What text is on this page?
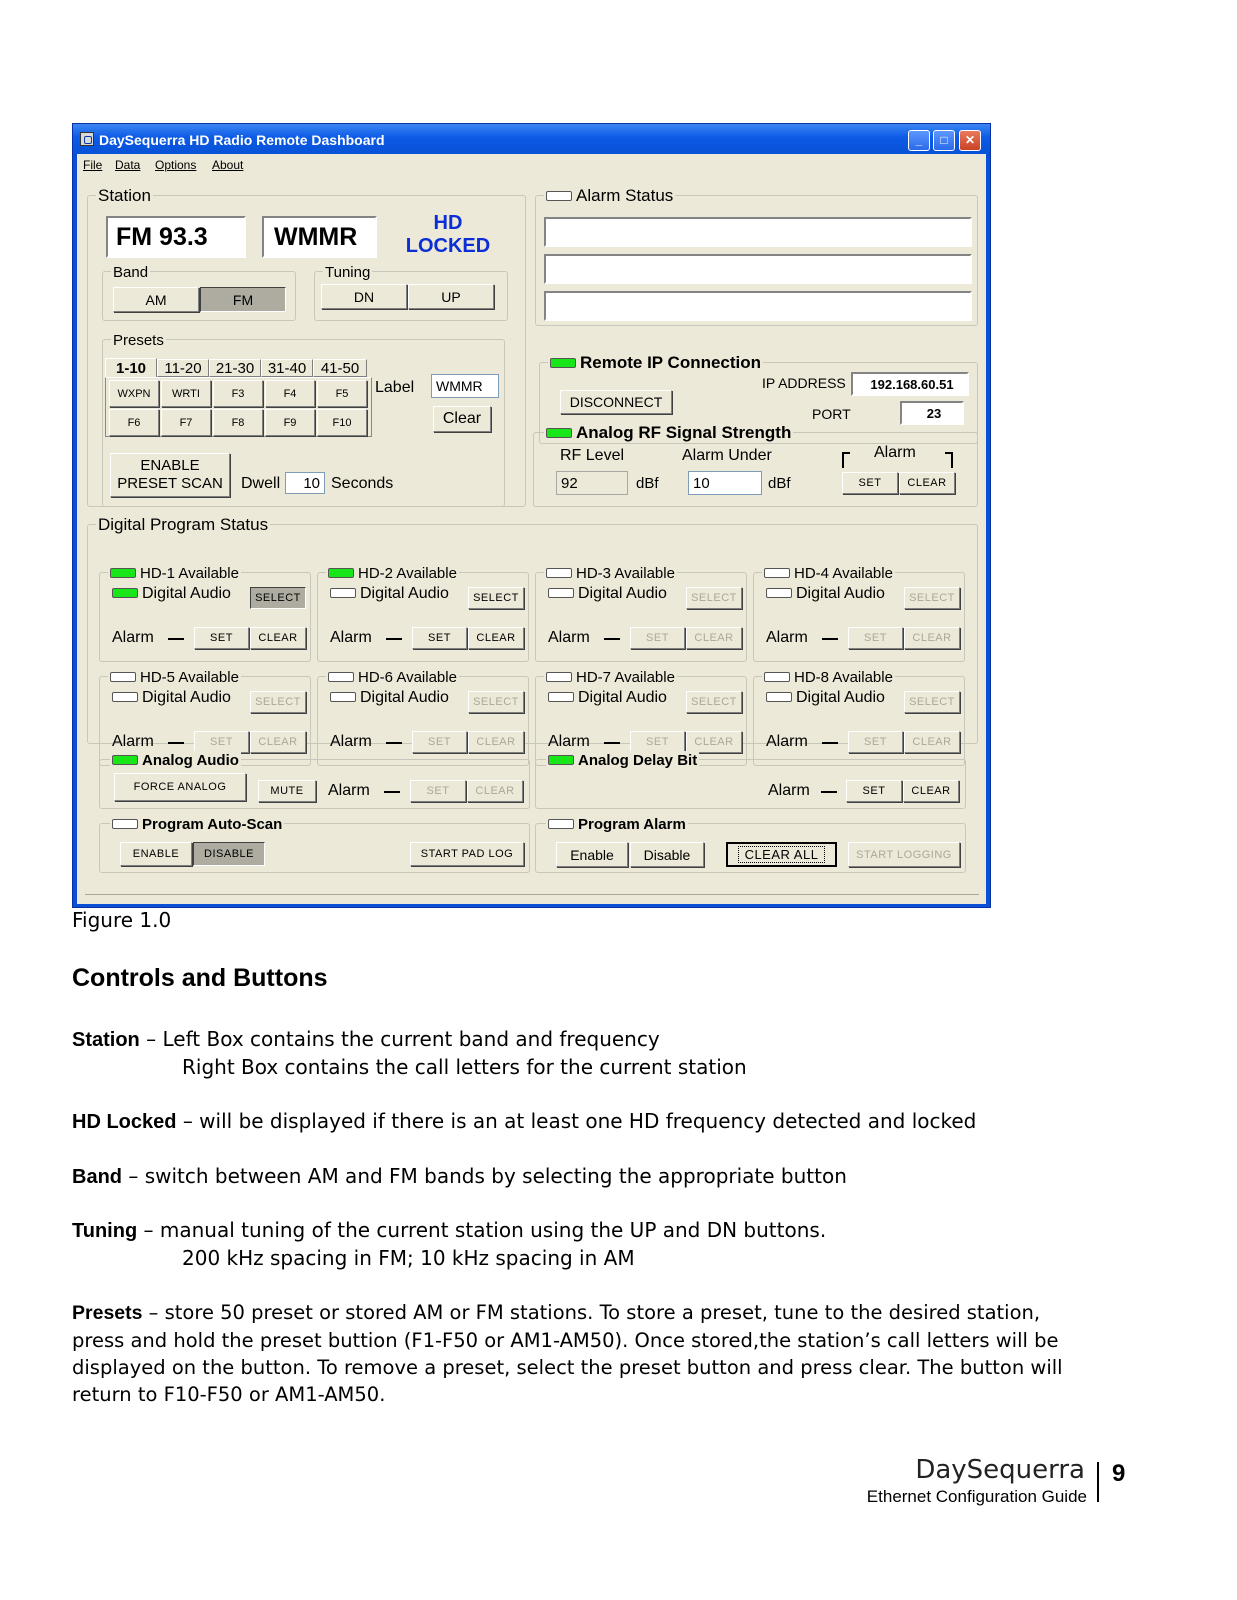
DaySequerra HD Radio Remote Dashboard	_	□	✕
File Data Options About
Station
FM 93.3	WMMR	HD
LOCKED
Band
AM	FM
Tuning
DN	UP
Presets
1-10	11-20 21-30 31-40 41-50
WXPN	WRTI	F3	F4	F5
F6	F7	F8	F9	F10
Label	WMMR
Clear
ENABLE
PRESET SCAN Dwell	10 Seconds
Alarm Status
Remote IP Connection
DISCONNECT
IP ADDRESS	192.168.60.51
PORT	23
Analog RF Signal Strength
RF Level	Alarm Under	Alarm
92	dBf	10	dBf	SET	CLEAR
Digital Program Status
HD-1 Available
Digital Audio	SELECT
Alarm	SET	CLEAR
HD-2 Available
Digital Audio	SELECT
Alarm	SET	CLEAR
HD-3 Available
Digital Audio	SELECT
Alarm	SET	CLEAR
HD-4 Available
Digital Audio	SELECT
Alarm	SET	CLEAR
HD-5 Available
Digital Audio	SELECT
Alarm	SET	CLEAR
HD-6 Available
Digital Audio	SELECT
Alarm	SET	CLEAR
HD-7 Available
Digital Audio	SELECT
Alarm	SET	CLEAR
HD-8 Available
Digital Audio	SELECT
Alarm	SET	CLEAR
Analog Audio
FORCE ANALOG	MUTE	Alarm	SET	CLEAR
Analog Delay Bit
Alarm	SET	CLEAR
Program Auto-Scan
ENABLE	DISABLE	START PAD LOG
Program Alarm
Enable	Disable	CLEAR ALL	START LOGGING
Figure 1.0
Controls and Buttons
Station – Left Box contains the current band and frequency
Right Box contains the call letters for the current station
HD Locked – will be displayed if there is an at least one HD frequency detected and locked
Band – switch between AM and FM bands by selecting the appropriate button
Tuning – manual tuning of the current station using the UP and DN buttons.
200 kHz spacing in FM; 10 kHz spacing in AM
Presets – store 50 preset or stored AM or FM stations. To store a preset, tune to the desired station,
press and hold the preset buttion (F1-F50 or AM1-AM50). Once stored,the station’s call letters will be
displayed on the button. To remove a preset, select the preset button and press clear. The button will
return to F10-F50 or AM1-AM50.
DaySequerra
Ethernet Configuration Guide
9
